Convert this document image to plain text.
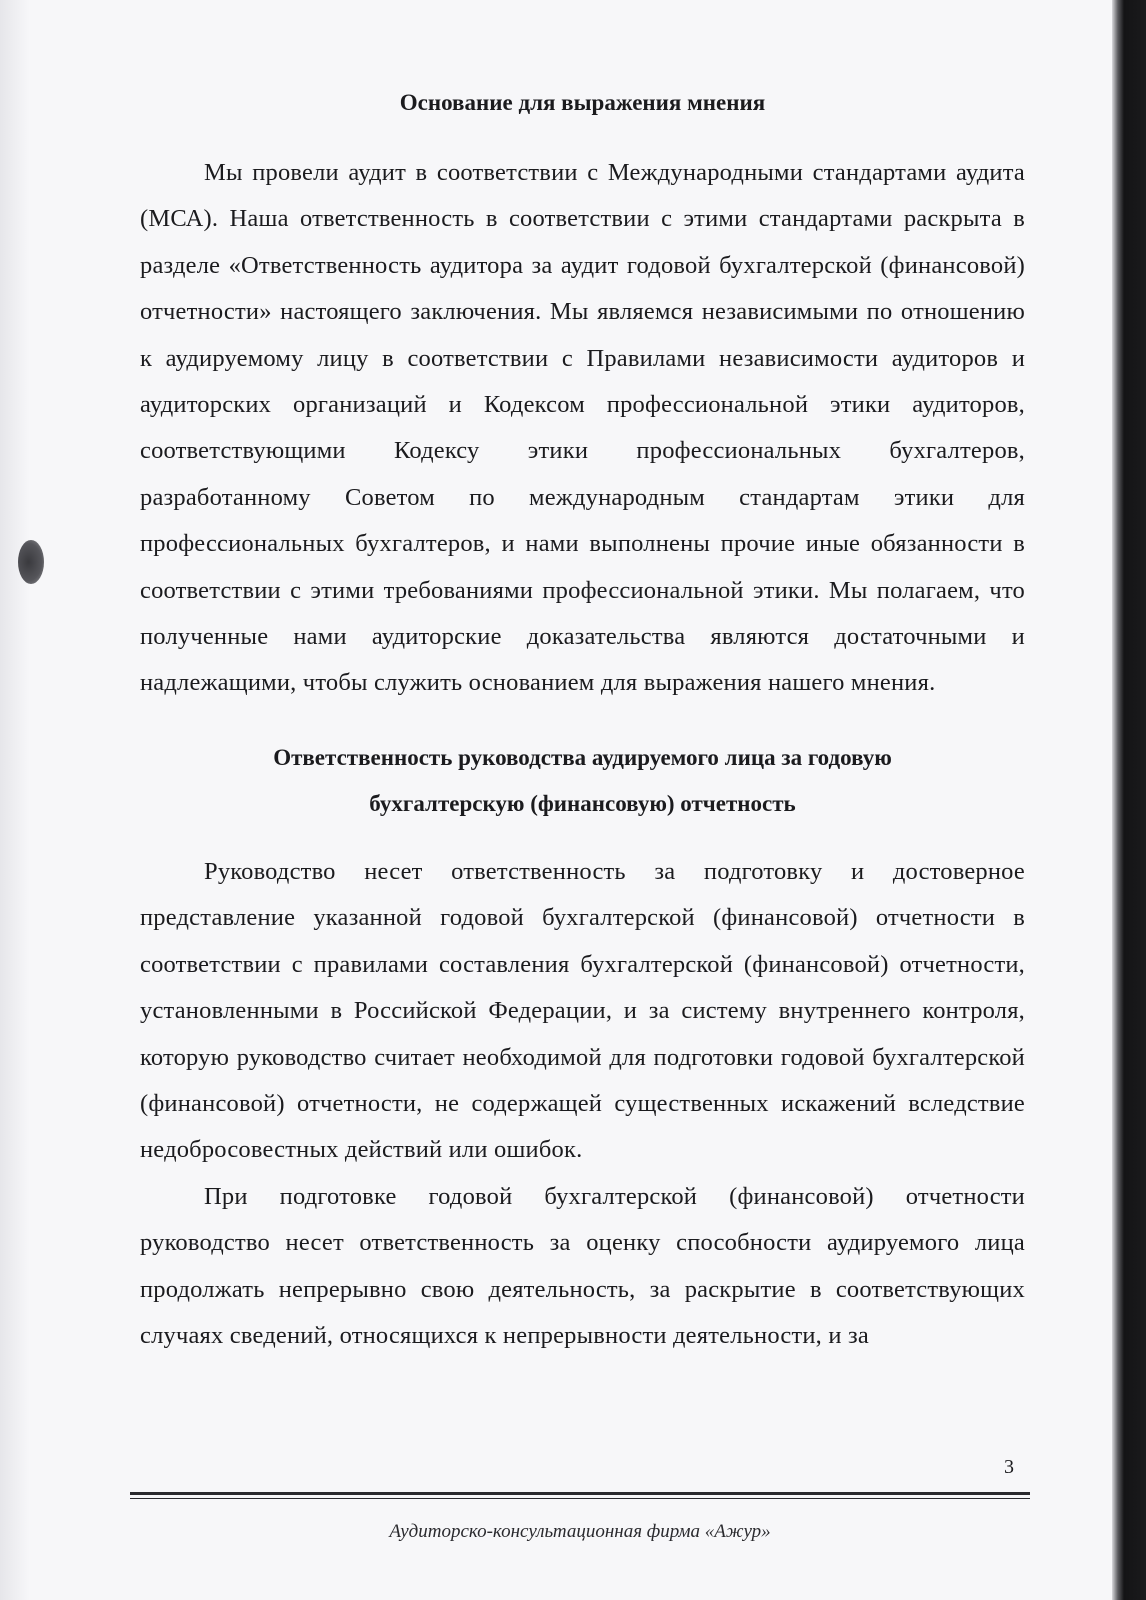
Основание для выражения мнения

Мы провели аудит в соответствии с Международными стандартами аудита (МСА). Наша ответственность в соответствии с этими стандартами раскрыта в разделе «Ответственность аудитора за аудит годовой бухгалтерской (финансовой) отчетности» настоящего заключения. Мы являемся независимыми по отношению к аудируемому лицу в соответствии с Правилами независимости аудиторов и аудиторских организаций и Кодексом профессиональной этики аудиторов, соответствующими Кодексу этики профессиональных бухгалтеров, разработанному Советом по международным стандартам этики для профессиональных бухгалтеров, и нами выполнены прочие иные обязанности в соответствии с этими требованиями профессиональной этики. Мы полагаем, что полученные нами аудиторские доказательства являются достаточными и надлежащими, чтобы служить основанием для выражения нашего мнения.

Ответственность руководства аудируемого лица за годовую
бухгалтерскую (финансовую) отчетность

Руководство несет ответственность за подготовку и достоверное представление указанной годовой бухгалтерской (финансовой) отчетности в соответствии с правилами составления бухгалтерской (финансовой) отчетности, установленными в Российской Федерации, и за систему внутреннего контроля, которую руководство считает необходимой для подготовки годовой бухгалтерской (финансовой) отчетности, не содержащей существенных искажений вследствие недобросовестных действий или ошибок.

При подготовке годовой бухгалтерской (финансовой) отчетности руководство несет ответственность за оценку способности аудируемого лица продолжать непрерывно свою деятельность, за раскрытие в соответствующих случаях сведений, относящихся к непрерывности деятельности, и за

3
Аудиторско-консультационная фирма «Ажур»
